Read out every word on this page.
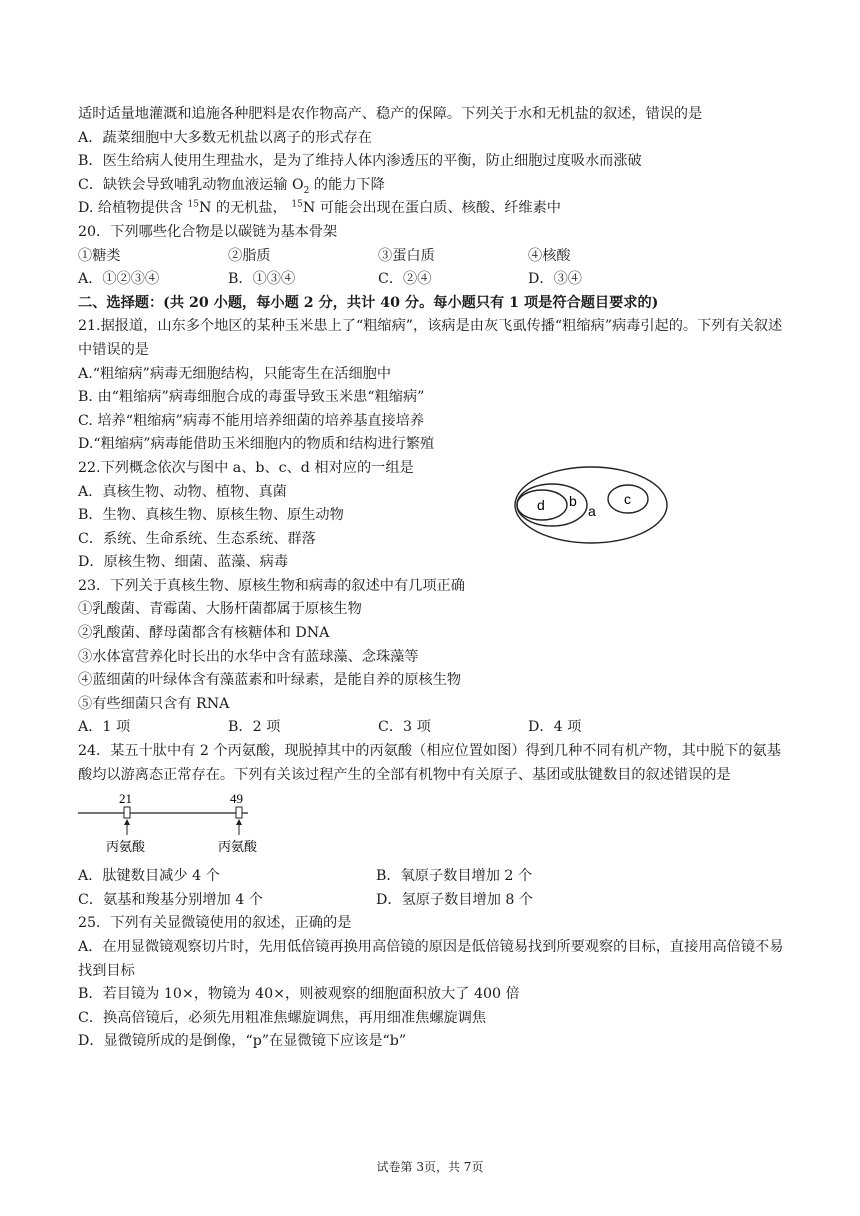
适时适量地灌溉和追施各种肥料是农作物高产、稳产的保障。下列关于水和无机盐的叙述，错误的是
A．蔬菜细胞中大多数无机盐以离子的形式存在
B．医生给病人使用生理盐水，是为了维持人体内渗透压的平衡，防止细胞过度吸水而涨破
C．缺铁会导致哺乳动物血液运输 $O_2$ 的能力下降
D. 给植物提供含 $^{15}$N 的无机盐， $^{15}$N 可能会出现在蛋白质、核酸、纤维素中
20．下列哪些化合物是以碳链为基本骨架
①糖类	②脂质	③蛋白质	④核酸
A．①②③④	B．①③④	C．②④	D．③④
二、选择题：(共 20 小题，每小题 2 分，共计 40 分。每小题只有 1 项是符合题目要求的)
21.据报道，山东多个地区的某种玉米患上了“粗缩病”，该病是由灰飞虱传播“粗缩病”病毒引起的。下列有关叙述中错误的是
A.“粗缩病”病毒无细胞结构，只能寄生在活细胞中
B. 由“粗缩病”病毒细胞合成的毒蛋导致玉米患“粗缩病”
C. 培养“粗缩病”病毒不能用培养细菌的培养基直接培养
D.“粗缩病”病毒能借助玉米细胞内的物质和结构进行繁殖
22.下列概念依次与图中 a、b、c、d 相对应的一组是
A．真核生物、动物、植物、真菌
B．生物、真核生物、原核生物、原生动物
C．系统、生命系统、生态系统、群落
D．原核生物、细菌、蓝藻、病毒
d b
a
c
23．下列关于真核生物、原核生物和病毒的叙述中有几项正确
①乳酸菌、青霉菌、大肠杆菌都属于原核生物
②乳酸菌、酵母菌都含有核糖体和 DNA
③水体富营养化时长出的水华中含有蓝球藻、念珠藻等
④蓝细菌的叶绿体含有藻蓝素和叶绿素，是能自养的原核生物
⑤有些细菌只含有 RNA
A．1 项	B．2 项	C．3 项	D．4 项
24．某五十肽中有 2 个丙氨酸，现脱掉其中的丙氨酸（相应位置如图）得到几种不同有机产物，其中脱下的氨基酸均以游离态正常存在。下列有关该过程产生的全部有机物中有关原子、基团或肽键数目的叙述错误的是
21	49
丙氨酸	丙氨酸
A．肽键数目减少 4 个	B．氧原子数目增加 2 个
C．氨基和羧基分别增加 4 个	D．氢原子数目增加 8 个
25．下列有关显微镜使用的叙述，正确的是
A．在用显微镜观察切片时，先用低倍镜再换用高倍镜的原因是低倍镜易找到所要观察的目标，直接用高倍镜不易找到目标
B．若目镜为 10×，物镜为 40×，则被观察的细胞面积放大了 400 倍
C．换高倍镜后，必须先用粗准焦螺旋调焦，再用细准焦螺旋调焦
D．显微镜所成的是倒像，“p”在显微镜下应该是“b”
试卷第 3页，共 7页
